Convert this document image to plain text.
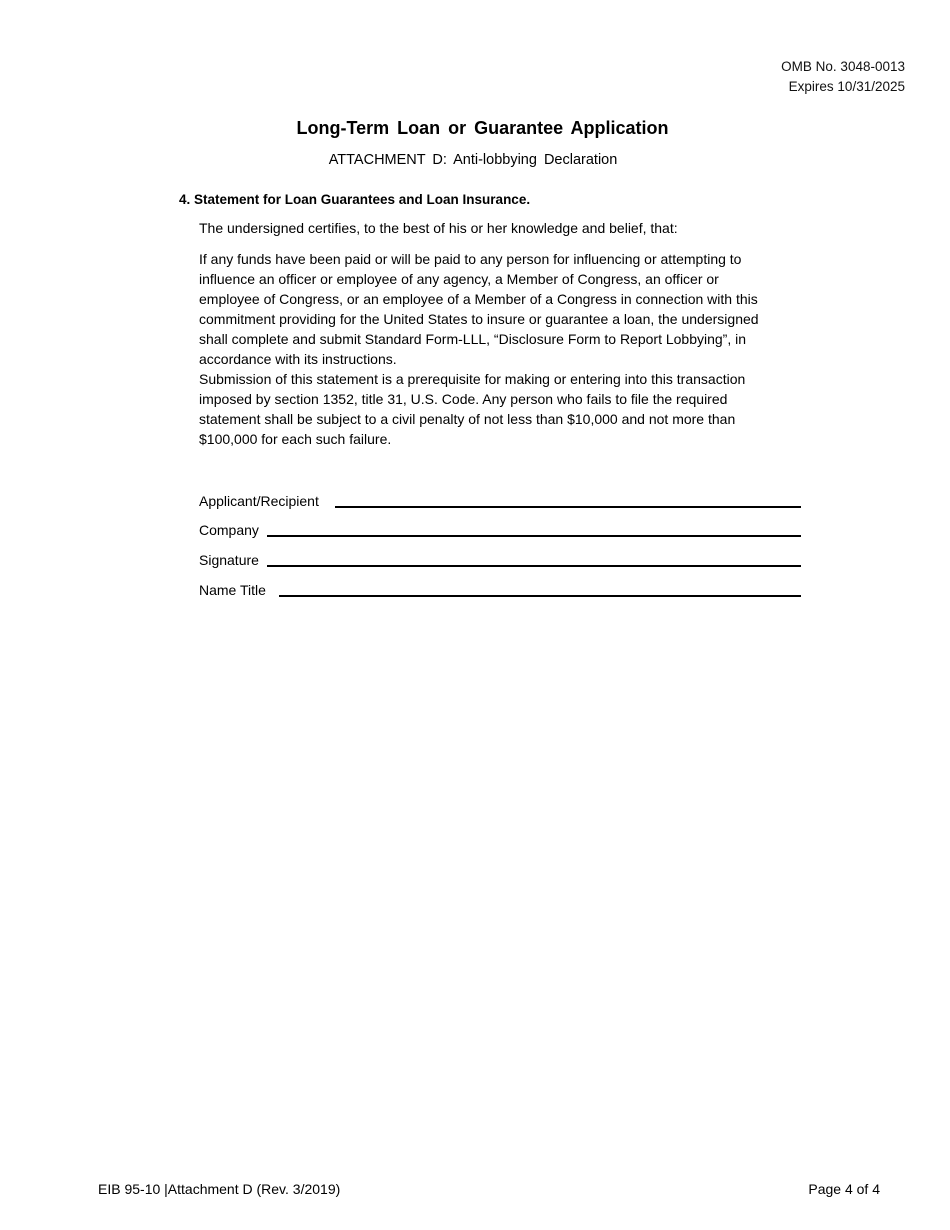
OMB No. 3048-0013
Expires 10/31/2025
Long-Term Loan or Guarantee Application
ATTACHMENT D: Anti-lobbying Declaration
4. Statement for Loan Guarantees and Loan Insurance.
The undersigned certifies, to the best of his or her knowledge and belief, that:

If any funds have been paid or will be paid to any person for influencing or attempting to influence an officer or employee of any agency, a Member of Congress, an officer or employee of Congress, or an employee of a Member of a Congress in connection with this commitment providing for the United States to insure or guarantee a loan, the undersigned shall complete and submit Standard Form-LLL, “Disclosure Form to Report Lobbying”, in accordance with its instructions.

Submission of this statement is a prerequisite for making or entering into this transaction imposed by section 1352, title 31, U.S. Code. Any person who fails to file the required statement shall be subject to a civil penalty of not less than $10,000 and not more than $100,000 for each such failure.

Applicant/Recipient
Company
Signature
Name Title
EIB 95-10 |Attachment D (Rev. 3/2019)	Page 4 of 4
